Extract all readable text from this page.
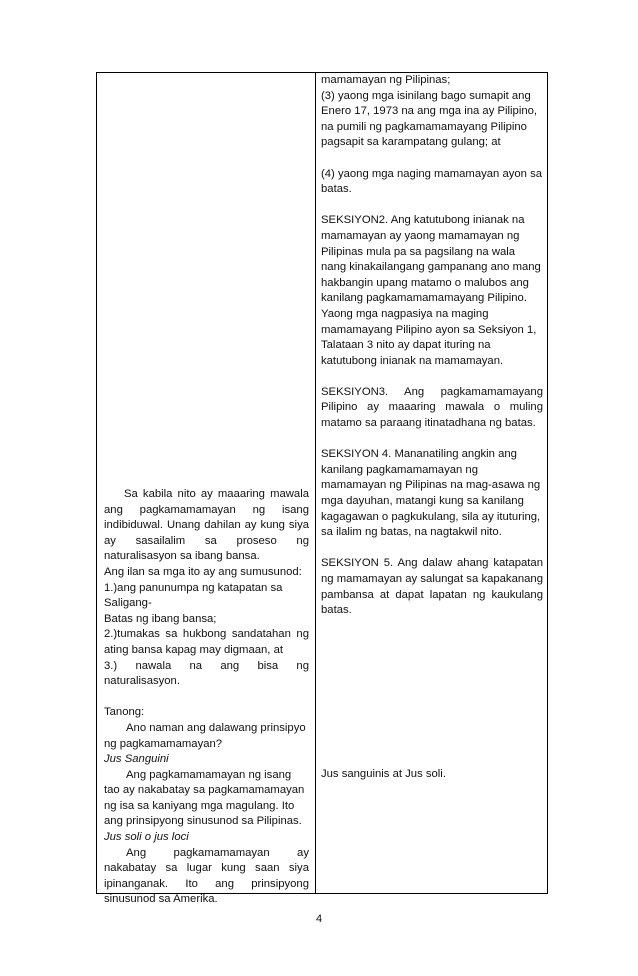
mamamayan ng Pilipinas;

(3) yaong mga isinilang bago sumapit ang Enero 17, 1973 na ang mga ina ay Pilipino, na pumili ng pagkamamamayang Pilipino pagsapit sa karampatang gulang; at

(4) yaong mga naging mamamayan ayon sa batas.

SEKSIYON2. Ang katutubong inianak na mamamayan ay yaong mamamayan ng Pilipinas mula pa sa pagsilang na wala nang kinakailangang gampanang ano mang hakbangin upang matamo o malubos ang kanilang pagkamamamamayang Pilipino. Yaong mga nagpasiya na maging mamamayang Pilipino ayon sa Seksiyon 1, Talataan 3 nito ay dapat ituring na katutubong inianak na mamamayan.

SEKSIYON3. Ang pagkamamamayang Pilipino ay maaaring mawala o muling matamo sa paraang itinatadhana ng batas.

SEKSIYON 4. Mananatiling angkin ang kanilang pagkamamamayan ng mamamayan ng Pilipinas na mag-asawa ng mga dayuhan, matangi kung sa kanilang kagagawan o pagkukulang, sila ay ituturing, sa ilalim ng batas, na nagtakwil nito.

SEKSIYON 5. Ang dalaw ahang katapatan ng mamamayan ay salungat sa kapakanang pambansa at dapat lapatan ng kaukulang batas.

Jus sanguinis at Jus soli.

Sa kabila nito ay maaaring mawala ang pagkamamamayan ng isang indibiduwal. Unang dahilan ay kung siya ay sasailalim sa proseso ng naturalisasyon sa ibang bansa.

Ang ilan sa mga ito ay ang sumusunod:

1.)ang panunumpa ng katapatan sa Saligang-

Batas ng ibang bansa;

2.)tumakas sa hukbong sandatahan ng ating bansa kapag may digmaan, at

3.) nawala na ang bisa ng naturalisasyon.

Tanong:

Ano naman ang dalawang prinsipyo ng pagkamamamayan?

Jus Sanguini

Ang pagkamamamayan ng isang tao ay nakabatay sa pagkamamamayan ng isa sa kaniyang mga magulang. Ito ang prinsipyong sinusunod sa Pilipinas.

Jus soli o jus loci

Ang pagkamamamayan ay nakabatay sa lugar kung saan siya ipinanganak. Ito ang prinsipyong sinusunod sa Amerika.

4
